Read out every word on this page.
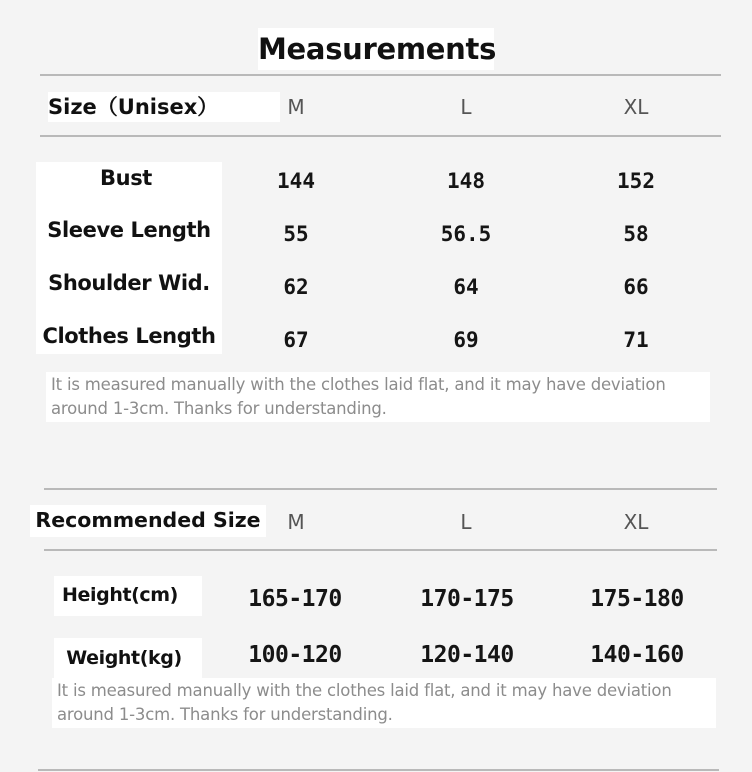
Measurements
Size（Unisex）	M	L	XL
Bust	144	148	152
Sleeve Length	55	56.5	58
Shoulder Wid.	62	64	66
Clothes Length	67	69	71
It is measured manually with the clothes laid flat, and it may have deviation
around 1-3cm. Thanks for understanding.
Recommended Size	M	L	XL
Height(cm)	165-170	170-175	175-180
Weight(kg)	100-120	120-140	140-160
It is measured manually with the clothes laid flat, and it may have deviation
around 1-3cm. Thanks for understanding.
